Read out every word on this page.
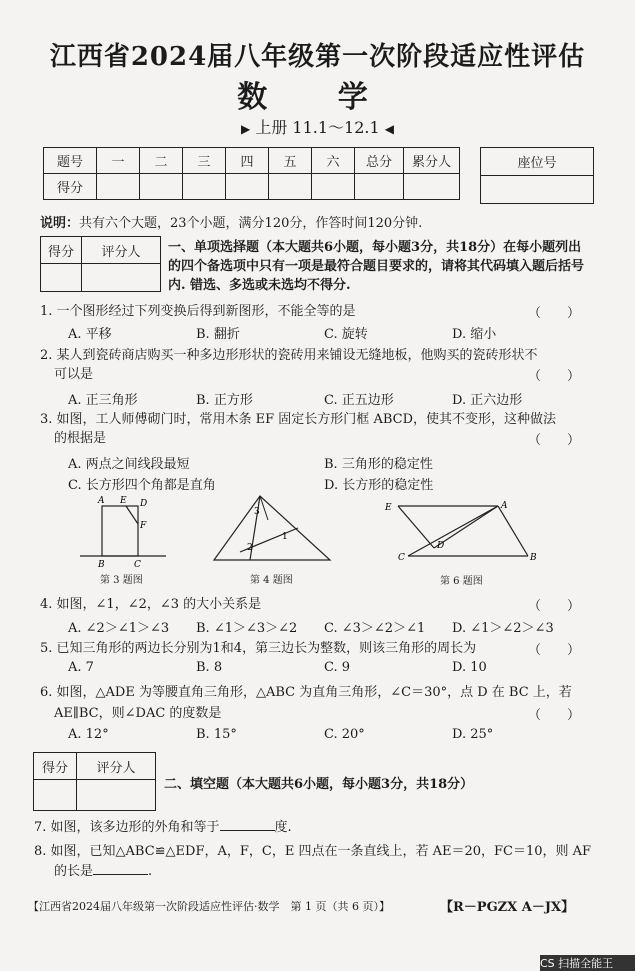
江西省2024届八年级第一次阶段适应性评估
数 学
▶ 上册 11.1～12.1 ◀
题号	一	二	三	四	五	六	总分	累分人
得分								
座位号

说明：共有六个大题，23个小题，满分120分，作答时间120分钟.
得分	评分人
	一、单项选择题（本大题共6小题，每小题3分，共18分）在每小题列出的四个备选项中只有一项是最符合题目要求的，请将其代码填入题后括号内. 错选、多选或未选均不得分.
1. 一个图形经过下列变换后得到新图形，不能全等的是	（　　）
A. 平移	B. 翻折	C. 旋转	D. 缩小
2. 某人到瓷砖商店购买一种多边形形状的瓷砖用来铺设无缝地板，他购买的瓷砖形状不
可以是	（　　）
A. 正三角形	B. 正方形	C. 正五边形	D. 正六边形
3. 如图，工人师傅砌门时，常用木条 EF 固定长方形门框 ABCD，使其不变形，这种做法
的根据是	（　　）
A. 两点之间线段最短	B. 三角形的稳定性
C. 长方形四个角都是直角	D. 长方形的稳定性
A E D
F
B	C
第 3 题图
3
1
2
第 4 题图
E	A
C
D
B
第 6 题图
4. 如图，∠1，∠2，∠3 的大小关系是	（　　）
A. ∠2＞∠1＞∠3 B. ∠1＞∠3＞∠2 C. ∠3＞∠2＞∠1 D. ∠1＞∠2＞∠3
5. 已知三角形的两边长分别为1和4，第三边长为整数，则该三角形的周长为	（　　）
A. 7	B. 8	C. 9	D. 10
6. 如图，△ADE 为等腰直角三角形，△ABC 为直角三角形，∠C＝30°，点 D 在 BC 上，若
AE∥BC，则∠DAC 的度数是	（　　）
A. 12°	B. 15°	C. 20°	D. 25°
得分	评分人

二、填空题（本大题共6小题，每小题3分，共18分）
7. 如图，该多边形的外角和等于	度.
8. 如图，已知△ABC≌△EDF，A，F，C，E 四点在一条直线上，若 AE＝20，FC＝10，则 AF
的长是	.
【江西省2024届八年级第一次阶段适应性评估·数学　第 1 页（共 6 页）】	【R－PGZX A－JX】
CS 扫描全能王
